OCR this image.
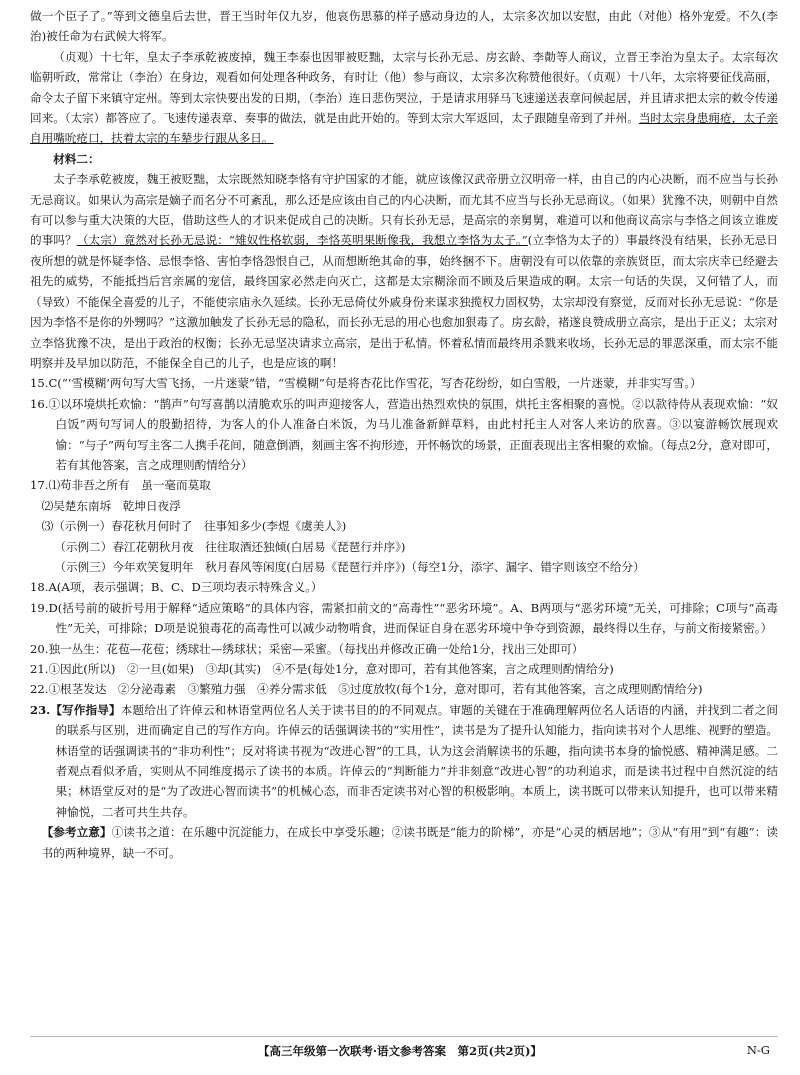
做一个臣子了。”等到文德皇后去世，晋王当时年仅九岁，他哀伤思慕的样子感动身边的人，太宗多次加以安慰，由此（对他）格外宠爱。不久(李治)被任命为右武候大将军。

（贞观）十七年，皇太子李承乾被废掉，魏王李泰也因罪被贬黜，太宗与长孙无忌、房玄龄、李勣等人商议，立晋王李治为皇太子。太宗每次临朝听政，常常让（李治）在身边，观看如何处理各种政务，有时让（他）参与商议，太宗多次称赞他很好。（贞观）十八年，太宗将要征伐高丽，命令太子留下来镇守定州。等到太宗快要出发的日期，（李治）连日悲伤哭泣，于是请求用驿马飞速递送表章问候起居，并且请求把太宗的敕令传递回来。（太宗）都答应了。飞速传递表章、奏事的做法，就是由此开始的。等到太宗大军返回，太子跟随皇帝到了并州。当时太宗身患痈疮，太子亲自用嘴吮疮口，扶着太宗的车辇步行跟从多日。

材料二：

太子李承乾被废，魏王被贬黜，太宗既然知晓李恪有守护国家的才能，就应该像汉武帝册立汉明帝一样，由自己的内心决断，而不应当与长孙无忌商议。如果认为高宗是嫡子而名分不可紊乱，那么还是应该由自己的内心决断，而尤其不应当与长孙无忌商议。（如果）犹豫不决，则朝中自然有可以参与重大决策的大臣，借助这些人的才识来促成自己的决断。只有长孙无忌，是高宗的亲舅舅，难道可以和他商议高宗与李恪之间该立谁废的事吗？（太宗）竟然对长孙无忌说：“雉奴性格软弱，李恪英明果断像我，我想立李恪为太子。”(立李恪为太子的）事最终没有结果，长孙无忌日夜所想的就是怀疑李恪、忌恨李恪、害怕李恪怨恨自己，从而想断绝其命的事，始终捆不下。唐朝没有可以依靠的亲族贤臣，而太宗庆幸已经避去祖先的威势，不能抵挡后宫亲属的宠信，最终国家必然走向灭亡，这都是太宗糊涂而不顾及后果造成的啊。太宗一句话的失误，又何错了人，而（导致）不能保全喜爱的儿子，不能使宗庙永久延续。长孙无忌倚仗外戚身份来谋求独揽权力固权势，太宗却没有察觉，反而对长孙无忌说：“你是因为李恪不是你的外甥吗？”这激加触发了长孙无忌的隐私，而长孙无忌的用心也愈加狠毒了。房玄龄，褚遂良赞成册立高宗，是出于正义；太宗对立李恪犹豫不决，是出于政治的权衡；长孙无忌坚决请求立高宗，是出于私情。怀着私情而最终用杀戮来收场，长孙无忌的罪恶深重，而太宗不能明察并及早加以防范，不能保全自己的儿子，也是应该的啊！

15.C(“‘雪模糊’两句写大雪飞扬，一片迷蒙”错，“雪模糊”句是将杏花比作雪花，写杏花纷纷，如白雪般，一片迷蒙，并非实写雪。）

16.①以环境烘托欢愉：“鹊声”句写喜鹊以清脆欢乐的叫声迎接客人，营造出热烈欢快的氛围，烘托主客相聚的喜悦。②以款待侍从表现欢愉：“奴白饭”两句写词人的殷勤招待，为客人的仆人准备白米饭，为马儿准备新鲜草料，由此村托主人对客人来访的欣喜。③以宴游畅饮展现欢愉：“与子”两句写主客二人携手花间，随意倒酒，刻画主客不拘形迹，开怀畅饮的场景，正面表现出主客相聚的欢愉。（每点2分，意对即可，若有其他答案，言之成理则酌情给分）

17.⑴苟非吾之所有　虽一毫而莫取

⑵吴楚东南坼　乾坤日夜浮

⑶（示例一）春花秋月何时了　往事知多少(李煜《虞美人》)

（示例二）春江花朝秋月夜　往往取酒还独倾(白居易《琵琶行并序》)

（示例三）今年欢笑复明年　秋月春风等闲度(白居易《琵琶行并序》)（每空1分，添字、漏字、错字则该空不给分）

18.A(A项，表示强调；B、C、D三项均表示特殊含义。）

19.D(括号前的破折号用于解释“适应策略”的具体内容，需紧扣前文的“高毒性”“恶劣环境”。A、B两项与“恶劣环境”无关，可排除；C项与“高毒性”无关，可排除；D项是说狼毒花的高毒性可以减少动物啃食，进而保证自身在恶劣环境中争夺到资源，最终得以生存，与前文衔接紧密。）

20.独一丛生：花苞—花苞；绣球壮—绣球状；采密—采蜜。（每找出并修改正确一处给1分，找出三处即可）

21.①因此(所以)　②一旦(如果)　③却(其实)　④不是(每处1分，意对即可，若有其他答案，言之成理则酌情给分)

22.①根茎发达　②分泌毒素　③繁殖力强　④养分需求低　⑤过度放牧(每个1分，意对即可，若有其他答案，言之成理则酌情给分)

23.【写作指导】本题给出了许倬云和林语堂两位名人关于读书目的的不同观点。审题的关键在于准确理解两位名人话语的内涵，并找到二者之间的联系与区别，进而确定自己的写作方向。许倬云的话强调读书的“实用性”，读书是为了提升认知能力，指向读书对个人思维、视野的塑造。林语堂的话强调读书的“非功利性”；反对将读书视为“改进心智”的工具，认为这会消解读书的乐趣，指向读书本身的愉悦感、精神满足感。二者观点看似矛盾，实则从不同维度揭示了读书的本质。许倬云的“判断能力”并非刻意“改进心智”的功利追求，而是读书过程中自然沉淀的结果；林语堂反对的是“为了改进心智而读书”的机械心态，而非否定读书对心智的积极影响。本质上，读书既可以带来认知提升，也可以带来精神愉悦，二者可共生共存。

【参考立意】①读书之道：在乐趣中沉淀能力，在成长中享受乐趣；②读书既是“能力的阶梯”，亦是“心灵的栖居地”；③从“有用”到“有趣”：读书的两种境界，缺一不可。

【高三年级第一次联考·语文参考答案　第2页(共2页)】	N-G
